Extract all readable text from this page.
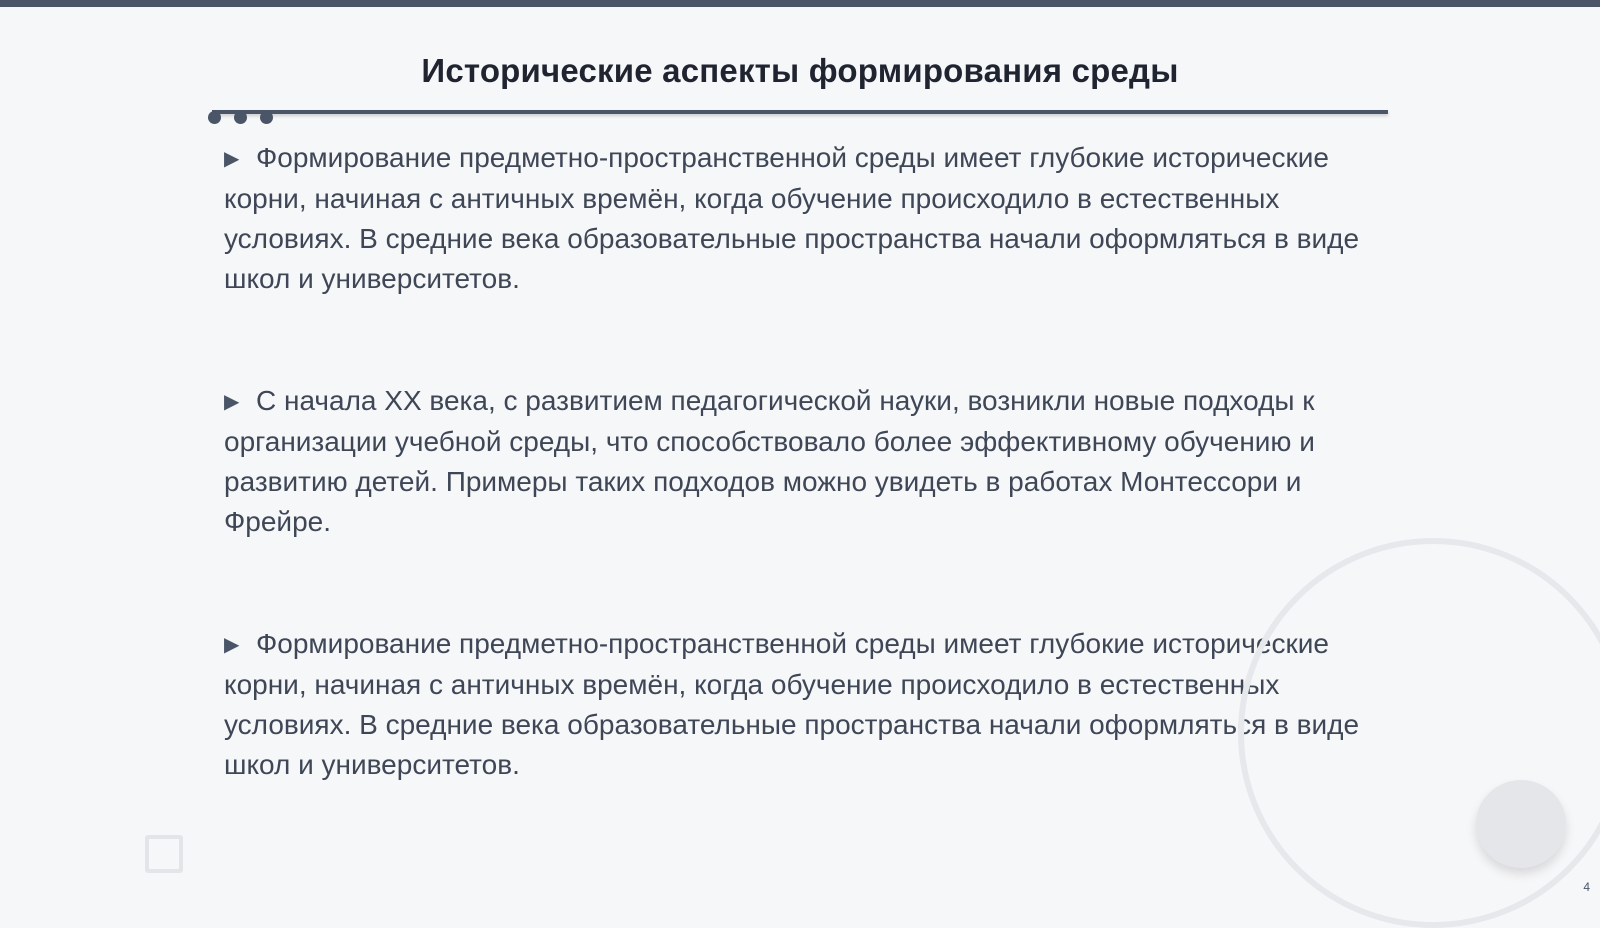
Исторические аспекты формирования среды

▶ Формирование предметно-пространственной среды имеет глубокие исторические корни, начиная с античных времён, когда обучение происходило в естественных условиях. В средние века образовательные пространства начали оформляться в виде школ и университетов.

▶ С начала XX века, с развитием педагогической науки, возникли новые подходы к организации учебной среды, что способствовало более эффективному обучению и развитию детей. Примеры таких подходов можно увидеть в работах Монтессори и Фрейре.

▶ Формирование предметно-пространственной среды имеет глубокие исторические корни, начиная с античных времён, когда обучение происходило в естественных условиях. В средние века образовательные пространства начали оформляться в виде школ и университетов.

4
